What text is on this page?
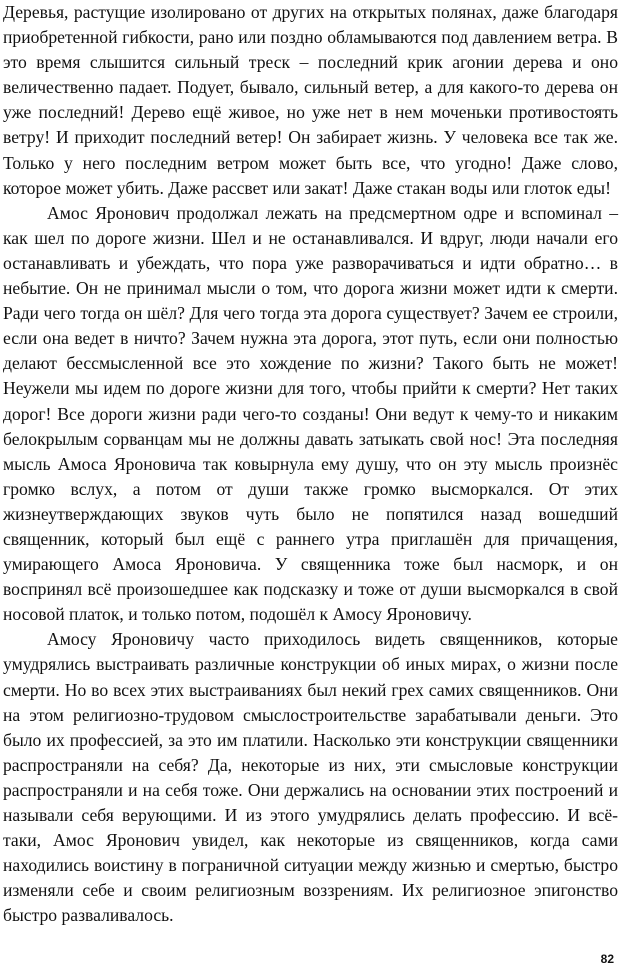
Деревья, растущие изолировано от других на открытых полянах, даже благодаря приобретенной гибкости, рано или поздно обламываются под давлением ветра. В это время слышится сильный треск – последний крик агонии дерева и оно величественно падает. Подует, бывало, сильный ветер, а для какого-то дерева он уже последний! Дерево ещё живое, но уже нет в нем моченьки противостоять ветру! И приходит последний ветер! Он забирает жизнь. У человека все так же. Только у него последним ветром может быть все, что угодно! Даже слово, которое может убить. Даже рассвет или закат! Даже стакан воды или глоток еды!

Амос Яронович продолжал лежать на предсмертном одре и вспоминал – как шел по дороге жизни. Шел и не останавливался. И вдруг, люди начали его останавливать и убеждать, что пора уже разворачиваться и идти обратно… в небытие. Он не принимал мысли о том, что дорога жизни может идти к смерти. Ради чего тогда он шёл? Для чего тогда эта дорога существует? Зачем ее строили, если она ведет в ничто? Зачем нужна эта дорога, этот путь, если они полностью делают бессмысленной все это хождение по жизни? Такого быть не может! Неужели мы идем по дороге жизни для того, чтобы прийти к смерти? Нет таких дорог! Все дороги жизни ради чего-то созданы! Они ведут к чему-то и никаким белокрылым сорванцам мы не должны давать затыкать свой нос! Эта последняя мысль Амоса Яроновича так ковырнула ему душу, что он эту мысль произнёс громко вслух, а потом от души также громко высморкался. От этих жизнеутверждающих звуков чуть было не попятился назад вошедший священник, который был ещё с раннего утра приглашён для причащения, умирающего Амоса Яроновича. У священника тоже был насморк, и он воспринял всё произошедшее как подсказку и тоже от души высморкался в свой носовой платок, и только потом, подошёл к Амосу Яроновичу.

Амосу Яроновичу часто приходилось видеть священников, которые умудрялись выстраивать различные конструкции об иных мирах, о жизни после смерти. Но во всех этих выстраиваниях был некий грех самих священников. Они на этом религиозно-трудовом смыслостроительстве зарабатывали деньги. Это было их профессией, за это им платили. Насколько эти конструкции священники распространяли на себя? Да, некоторые из них, эти смысловые конструкции распространяли и на себя тоже. Они держались на основании этих построений и называли себя верующими. И из этого умудрялись делать профессию. И всё-таки, Амос Яронович увидел, как некоторые из священников, когда сами находились воистину в пограничной ситуации между жизнью и смертью, быстро изменяли себе и своим религиозным воззрениям. Их религиозное эпигонство быстро разваливалось.

82
